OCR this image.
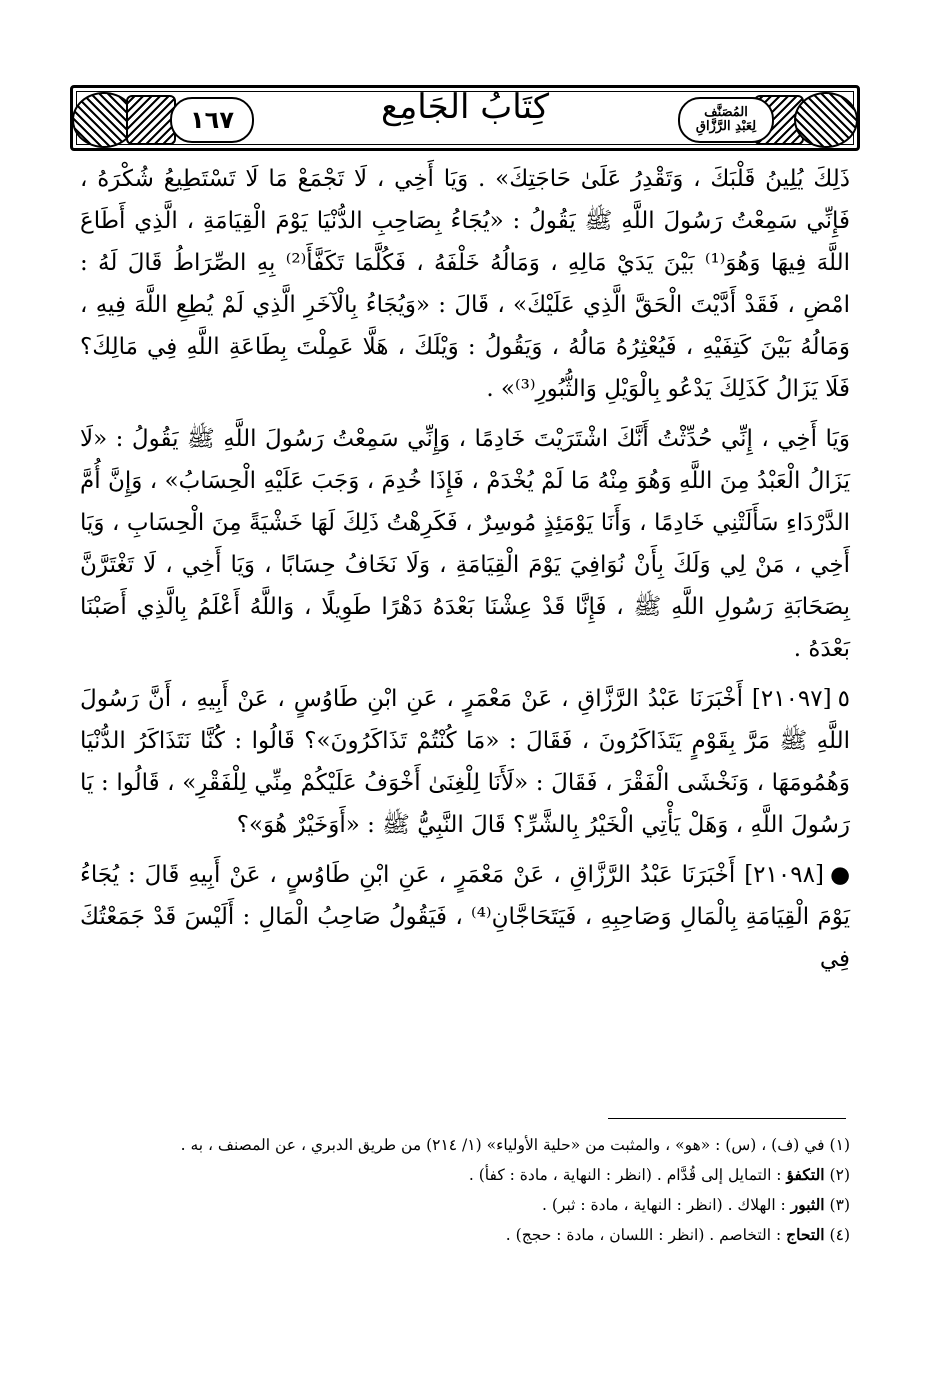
١٦٧	كِتَابُ الجَامِع	المُصَنَّف
لِعَبْدِ الرَّزَّاقِ

ذَلِكَ يُلِينُ قَلْبَكَ ، وَتَقْدِرُ عَلَىٰ حَاجَتِكَ» . وَيَا أَخِي ، لَا تَجْمَعْ مَا لَا تَسْتَطِيعُ شُكْرَهُ ، فَإِنِّي سَمِعْتُ رَسُولَ اللَّهِ ﷺ يَقُولُ : «يُجَاءُ بِصَاحِبِ الدُّنْيَا يَوْمَ الْقِيَامَةِ ، الَّذِي أَطَاعَ اللَّهَ فِيهَا وَهُوَ⁽¹⁾ بَيْنَ يَدَيْ مَالِهِ ، وَمَالُهُ خَلْفَهُ ، فَكُلَّمَا تَكَفَّأَ⁽²⁾ بِهِ الصِّرَاطُ قَالَ لَهُ : امْضِ ، فَقَدْ أَدَّيْتَ الْحَقَّ الَّذِي عَلَيْكَ» ، قَالَ : «وَيُجَاءُ بِالْآخَرِ الَّذِي لَمْ يُطِعِ اللَّهَ فِيهِ ، وَمَالُهُ بَيْنَ كَتِفَيْهِ ، فَيُعْثِرُهُ مَالُهُ ، وَيَقُولُ : وَيْلَكَ ، هَلَّا عَمِلْتَ بِطَاعَةِ اللَّهِ فِي مَالِكَ؟ فَلَا يَزَالُ كَذَلِكَ يَدْعُو بِالْوَيْلِ وَالثُّبُورِ⁽³⁾» .

وَيَا أَخِي ، إِنِّي حُدِّثْتُ أَنَّكَ اشْتَرَيْتَ خَادِمًا ، وَإِنِّي سَمِعْتُ رَسُولَ اللَّهِ ﷺ يَقُولُ : «لَا يَزَالُ الْعَبْدُ مِنَ اللَّهِ وَهُوَ مِنْهُ مَا لَمْ يُخْدَمْ ، فَإِذَا خُدِمَ ، وَجَبَ عَلَيْهِ الْحِسَابُ» ، وَإِنَّ أُمَّ الدَّرْدَاءِ سَأَلَتْنِي خَادِمًا ، وَأَنَا يَوْمَئِذٍ مُوسِرٌ ، فَكَرِهْتُ ذَلِكَ لَهَا خَشْيَةً مِنَ الْحِسَابِ ، وَيَا أَخِي ، مَنْ لِي وَلَكَ بِأَنْ نُوَافِيَ يَوْمَ الْقِيَامَةِ ، وَلَا نَخَافُ حِسَابًا ، وَيَا أَخِي ، لَا تَغْتَرَّنَّ بِصَحَابَةِ رَسُولِ اللَّهِ ﷺ ، فَإِنَّا قَدْ عِشْنَا بَعْدَهُ دَهْرًا طَوِيلًا ، وَاللَّهُ أَعْلَمُ بِالَّذِي أَصَبْنَا بَعْدَهُ .

٥[٢١٠٩٧] أَخْبَرَنَا عَبْدُ الرَّزَّاقِ ، عَنْ مَعْمَرٍ ، عَنِ ابْنِ طَاوُسٍ ، عَنْ أَبِيهِ ، أَنَّ رَسُولَ اللَّهِ ﷺ مَرَّ بِقَوْمٍ يَتَذَاكَرُونَ ، فَقَالَ : «مَا كُنْتُمْ تَذَاكَرُونَ»؟ قَالُوا : كُنَّا نَتَذَاكَرُ الدُّنْيَا وَهُمُومَهَا ، وَنَخْشَى الْفَقْرَ ، فَقَالَ : «لَأَنَا لِلْغِنَىٰ أَخْوَفُ عَلَيْكُمْ مِنِّي لِلْفَقْرِ» ، قَالُوا : يَا رَسُولَ اللَّهِ ، وَهَلْ يَأْتِي الْخَيْرُ بِالشَّرِّ؟ قَالَ النَّبِيُّ ﷺ : «أَوَخَيْرٌ هُوَ»؟

●[٢١٠٩٨] أَخْبَرَنَا عَبْدُ الرَّزَّاقِ ، عَنْ مَعْمَرٍ ، عَنِ ابْنِ طَاوُسٍ ، عَنْ أَبِيهِ قَالَ : يُجَاءُ يَوْمَ الْقِيَامَةِ بِالْمَالِ وَصَاحِبِهِ ، فَيَتَحَاجَّانِ⁽⁴⁾ ، فَيَقُولُ صَاحِبُ الْمَالِ : أَلَيْسَ قَدْ جَمَعْتُكَ فِي

(١) في (ف) ، (س) : «هو» ، والمثبت من «حلية الأولياء» (١/ ٢١٤) من طريق الدبري ، عن المصنف ، به .

(٢) التكفؤ : التمايل إلى قُدَّام . (انظر : النهاية ، مادة : كفأ) .

(٣) الثبور : الهلاك . (انظر : النهاية ، مادة : ثبر) .

(٤) التحاج : التخاصم . (انظر : اللسان ، مادة : حجج) .
